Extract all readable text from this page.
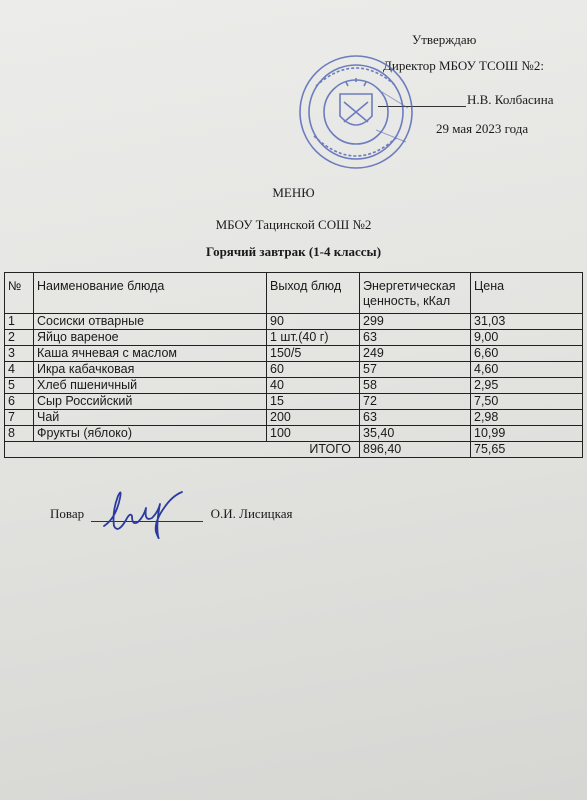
Утверждаю
Директор МБОУ ТСОШ №2:
Н.В. Колбасина
29 мая 2023 года
МЕНЮ
МБОУ Тацинской СОШ №2
Горячий завтрак (1-4 классы)
№	Наименование блюда	Выход блюд	Энергетическая ценность, кКал	Цена
1	Сосиски отварные	90	299	31,03
2	Яйцо вареное	1 шт.(40 г)	63	9,00
3	Каша ячневая с маслом	150/5	249	6,60
4	Икра кабачковая	60	57	4,60
5	Хлеб пшеничный	40	58	2,95
6	Сыр Российский	15	72	7,50
7	Чай	200	63	2,98
8	Фрукты (яблоко)	100	35,40	10,99
ИТОГО			896,40	75,65
Повар	О.И. Лисицкая
